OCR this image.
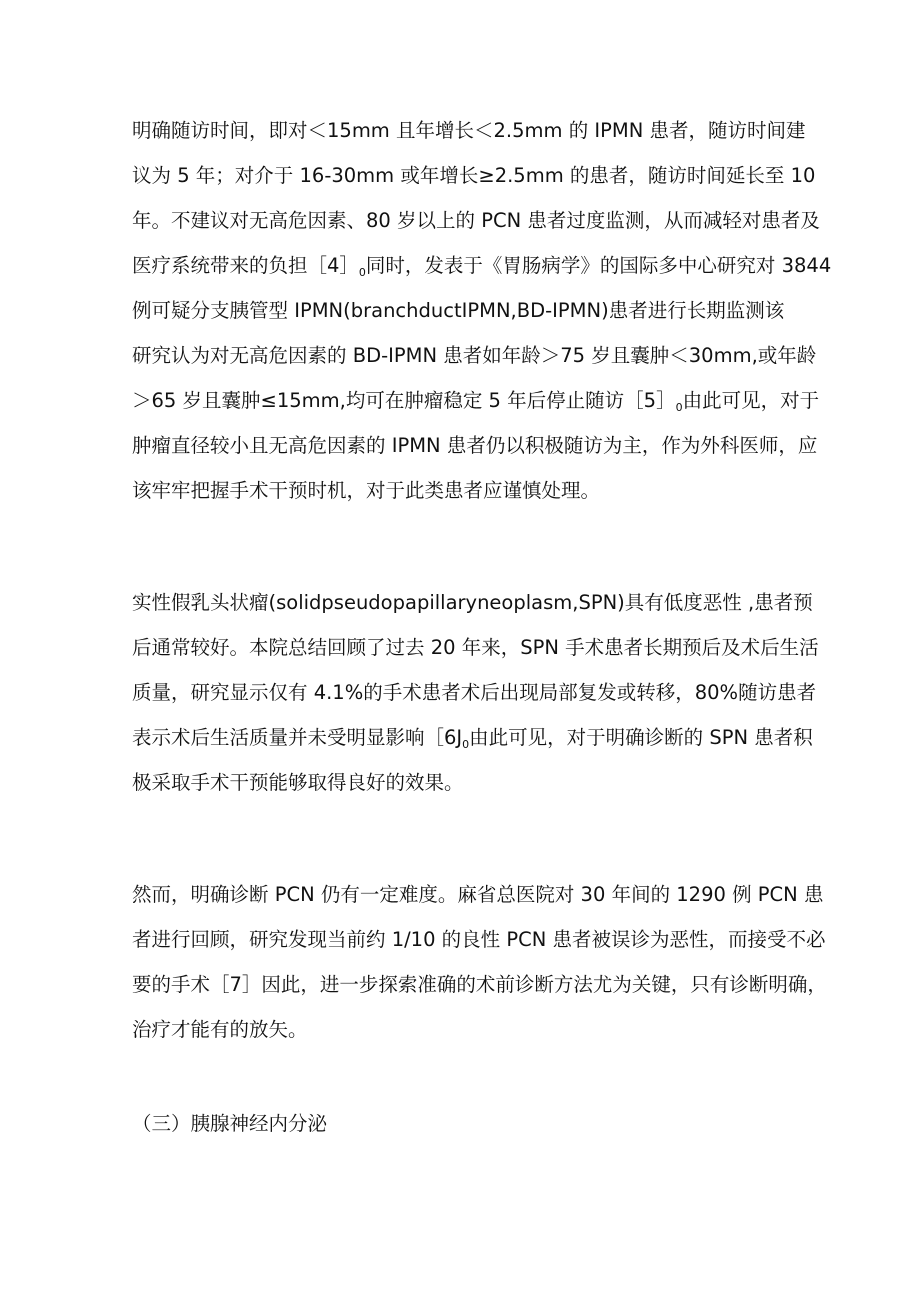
明确随访时间，即对＜15mm 且年增长＜2.5mm 的 IPMN 患者，随访时间建
议为 5 年；对介于 16-30mm 或年增长≥2.5mm 的患者，随访时间延长至 10
年。不建议对无高危因素、80 岁以上的 PCN 患者过度监测，从而减轻对患者及
医疗系统带来的负担$[4]_0$同时，发表于《胃肠病学》的国际多中心研究对 3844
例可疑分支胰管型 IPMN(branchductIPMN,BD-IPMN)患者进行长期监测该
研究认为对无高危因素的 BD-IPMN 患者如年龄＞75 岁且囊肿＜30mm,或年龄
＞65 岁且囊肿≤15mm,均可在肿瘤稳定 5 年后停止随访$[5]_0$由此可见，对于
肿瘤直径较小且无高危因素的 IPMN 患者仍以积极随访为主，作为外科医师，应
该牢牢把握手术干预时机，对于此类患者应谨慎处理。
实性假乳头状瘤(solidpseudopapillaryneoplasm,SPN)具有低度恶性 ,患者预
后通常较好。本院总结回顾了过去 20 年来，SPN 手术患者长期预后及术后生活
质量，研究显示仅有 4.1%的手术患者术后出现局部复发或转移，80%随访患者
表示术后生活质量并未受明显影响$[6J_0$由此可见，对于明确诊断的 SPN 患者积
极采取手术干预能够取得良好的效果。
然而，明确诊断 PCN 仍有一定难度。麻省总医院对 30 年间的 1290 例 PCN 患
者进行回顾，研究发现当前约 1/10 的良性 PCN 患者被误诊为恶性，而接受不必
要的手术［7］因此，进一步探索准确的术前诊断方法尤为关键，只有诊断明确，
治疗才能有的放矢。
（三）胰腺神经内分泌
